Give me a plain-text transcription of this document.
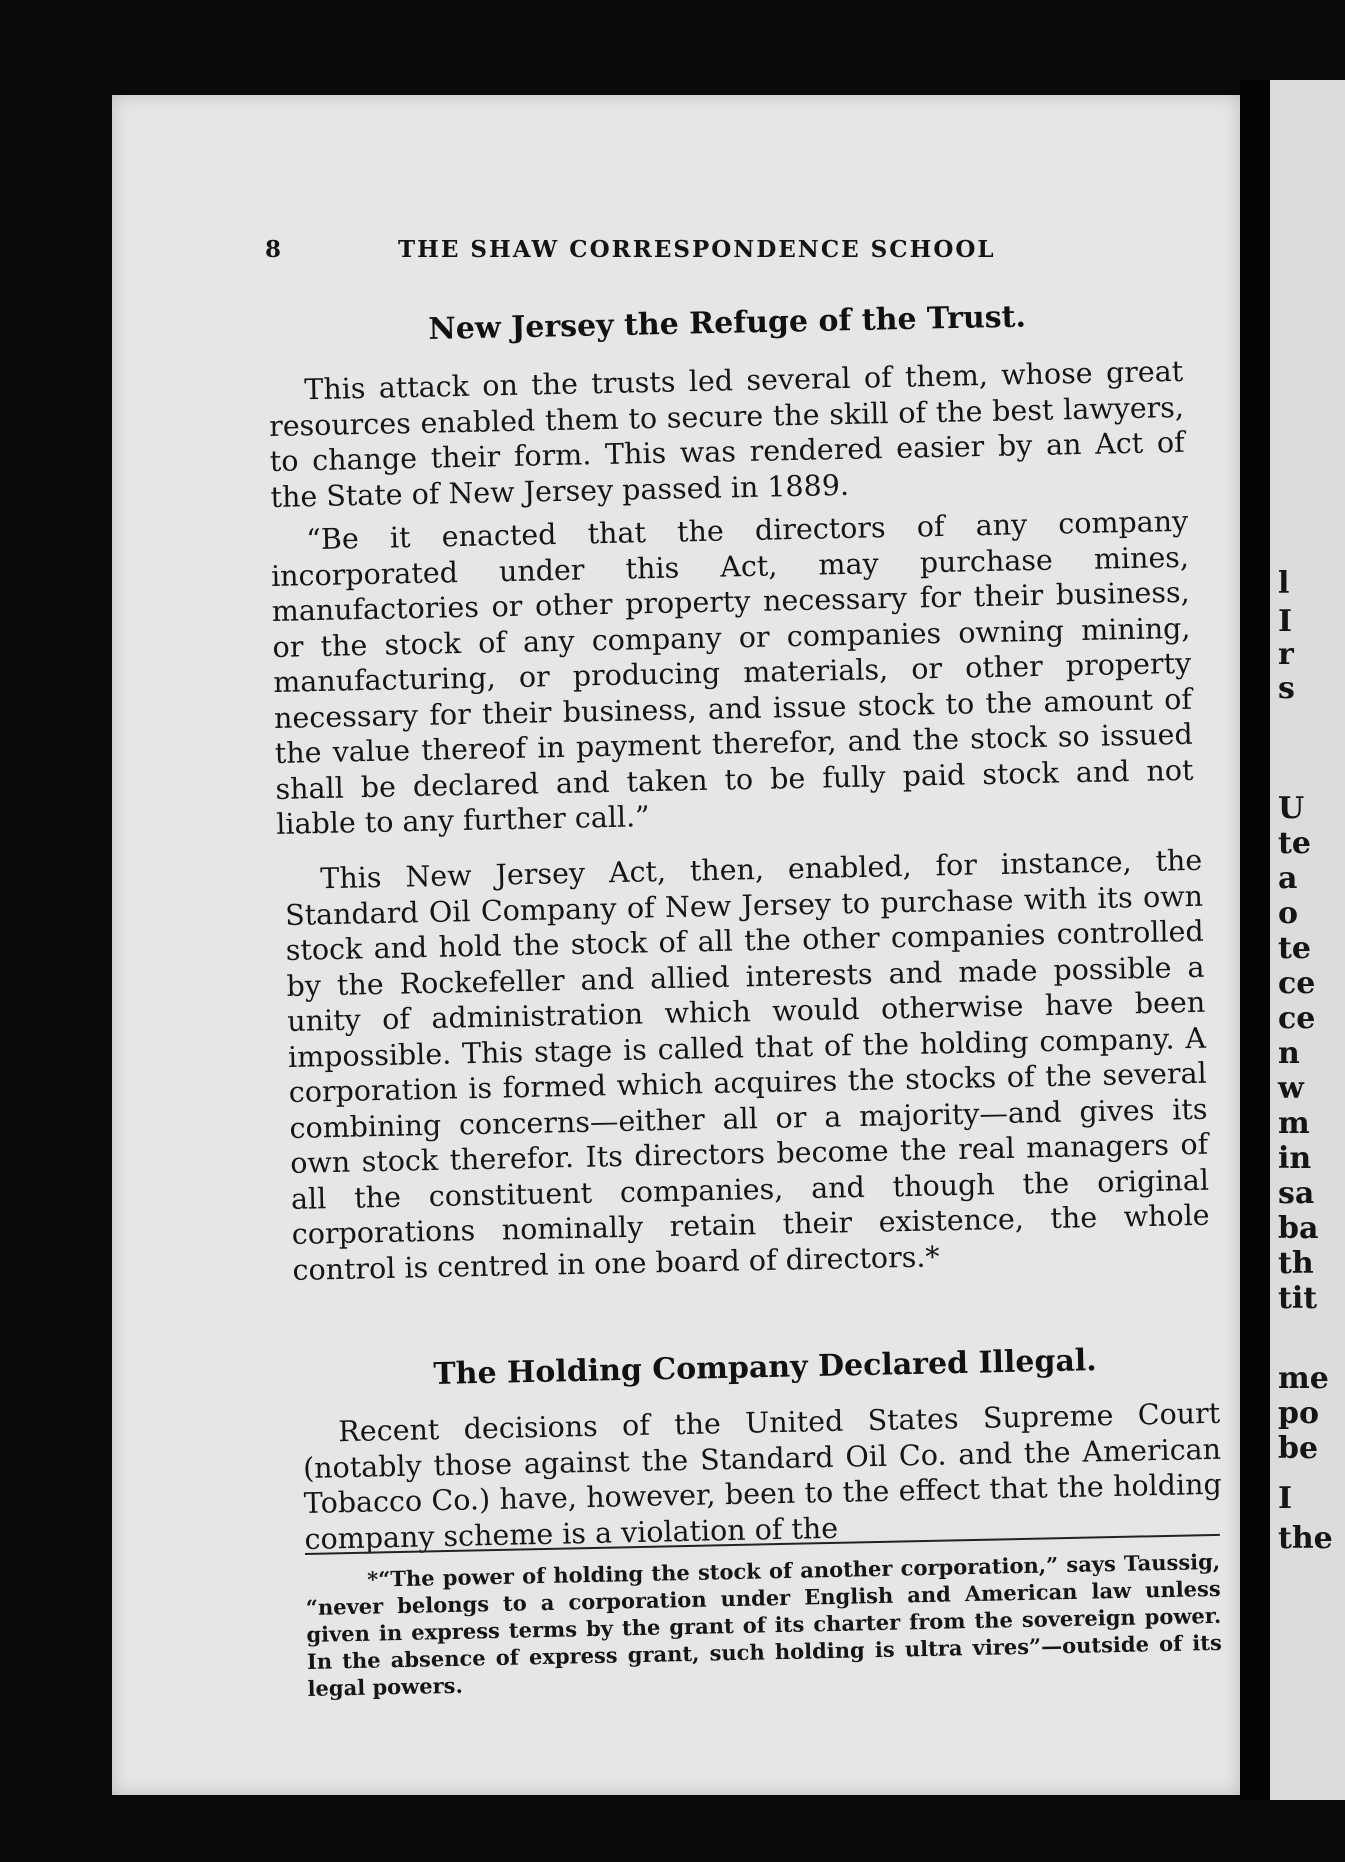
l
I
r
s
U
te
a
o
te
ce
ce
n
w
m
in
sa
ba
th
tit
me
po
be
I
the
8	THE SHAW CORRESPONDENCE SCHOOL
New Jersey the Refuge of the Trust.
This attack on the trusts led several of them, whose great resources enabled them to secure the skill of the best lawyers, to change their form. This was rendered easier by an Act of the State of New Jersey passed in 1889.
“Be it enacted that the directors of any company incorporated under this Act, may purchase mines, manufactories or other property necessary for their business, or the stock of any company or companies owning mining, manufacturing, or producing materials, or other property necessary for their business, and issue stock to the amount of the value thereof in payment therefor, and the stock so issued shall be declared and taken to be fully paid stock and not liable to any further call.”
This New Jersey Act, then, enabled, for instance, the Standard Oil Company of New Jersey to purchase with its own stock and hold the stock of all the other companies controlled by the Rockefeller and allied interests and made possible a unity of administration which would otherwise have been impossible. This stage is called that of the holding company. A corporation is formed which acquires the stocks of the several combining concerns—either all or a majority—and gives its own stock therefor. Its directors become the real managers of all the constituent companies, and though the original corporations nominally retain their existence, the whole control is centred in one board of directors.*
The Holding Company Declared Illegal.
Recent decisions of the United States Supreme Court (notably those against the Standard Oil Co. and the American Tobacco Co.) have, however, been to the effect that the holding company scheme is a violation of the
*“The power of holding the stock of another corporation,” says Taussig, “never belongs to a corporation under English and American law unless given in express terms by the grant of its charter from the sovereign power. In the absence of express grant, such holding is ultra vires”—outside of its legal powers.
